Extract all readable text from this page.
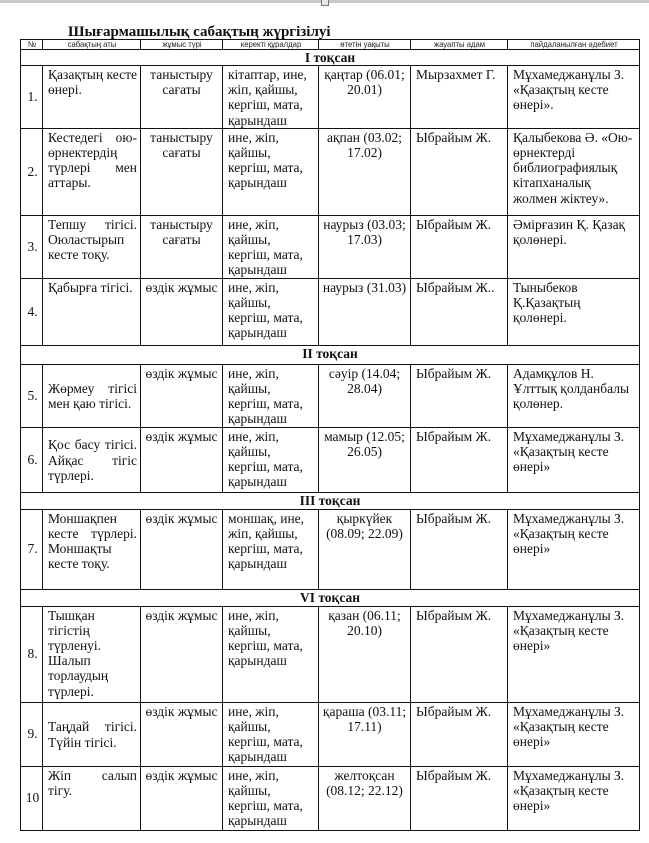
Шығармашылық сабақтың жүргізілуі
№	сабақтың аты	жұмыс түрі	керекті құралдар	өтетін уақыты	жауапты адам	пайдаланылған әдебиет
I тоқсан						
1.	Қазақтың кесте өнері.	таныстыру сағаты	кітаптар, ине, жіп, қайшы, кергіш, мата, қарындаш	қаңтар (06.01; 20.01)	Мырзахмет Г.	Мұхамеджанұлы З. «Қазақтың кесте өнері».
2.	Кестедегі ою-өрнектердің түрлері мен аттары.	таныстыру сағаты	ине, жіп, қайшы, кергіш, мата, қарындаш	ақпан (03.02; 17.02)	Ыбрайым Ж.	Қалыбекова Ә. «Ою-өрнектерді библиографиялық кітапханалық жолмен жіктеу».
3.	Тепшу тігісі. Оюластырып кесте тоқу.	таныстыру сағаты	ине, жіп, қайшы, кергіш, мата, қарындаш	наурыз (03.03; 17.03)	Ыбрайым Ж.	Әмірғазин Қ. Қазақ қолөнері.
4.	Қабырға тігісі.	өздік жұмыс	ине, жіп, қайшы, кергіш, мата, қарындаш	наурыз (31.03)	Ыбрайым Ж..	Тыныбеков Қ.Қазақтың қолөнері.
II тоқсан						
5.	Жөрмеу тігісі мен қаю тігісі.	өздік жұмыс	ине, жіп, қайшы, кергіш, мата, қарындаш	сәуір (14.04; 28.04)	Ыбрайым Ж.	Адамқұлов Н. Ұлттық қолданбалы қолөнер.
6.	Қос басу тігісі. Айқас тігіс түрлері.	өздік жұмыс	ине, жіп, қайшы, кергіш, мата, қарындаш	мамыр (12.05; 26.05)	Ыбрайым Ж.	Мұхамеджанұлы З. «Қазақтың кесте өнері»
III тоқсан						
7.	Моншақпен кесте түрлері. Моншақты кесте тоқу.	өздік жұмыс	моншақ, ине, жіп, қайшы, кергіш, мата, қарындаш	қыркүйек (08.09; 22.09)	Ыбрайым Ж.	Мұхамеджанұлы З. «Қазақтың кесте өнері»
VI тоқсан						
8.	Тышқан тігістің түрленуі. Шалып торлаудың түрлері.	өздік жұмыс	ине, жіп, қайшы, кергіш, мата, қарындаш	қазан (06.11; 20.10)	Ыбрайым Ж.	Мұхамеджанұлы З. «Қазақтың кесте өнері»
9.	Таңдай тігісі. Түйін тігісі.	өздік жұмыс	ине, жіп, қайшы, кергіш, мата, қарындаш	қараша (03.11; 17.11)	Ыбрайым Ж.	Мұхамеджанұлы З. «Қазақтың кесте өнері»
10	Жіп салып тігу.	өздік жұмыс	ине, жіп, қайшы, кергіш, мата, қарындаш	желтоқсан (08.12; 22.12)	Ыбрайым Ж.	Мұхамеджанұлы З. «Қазақтың кесте өнері»
